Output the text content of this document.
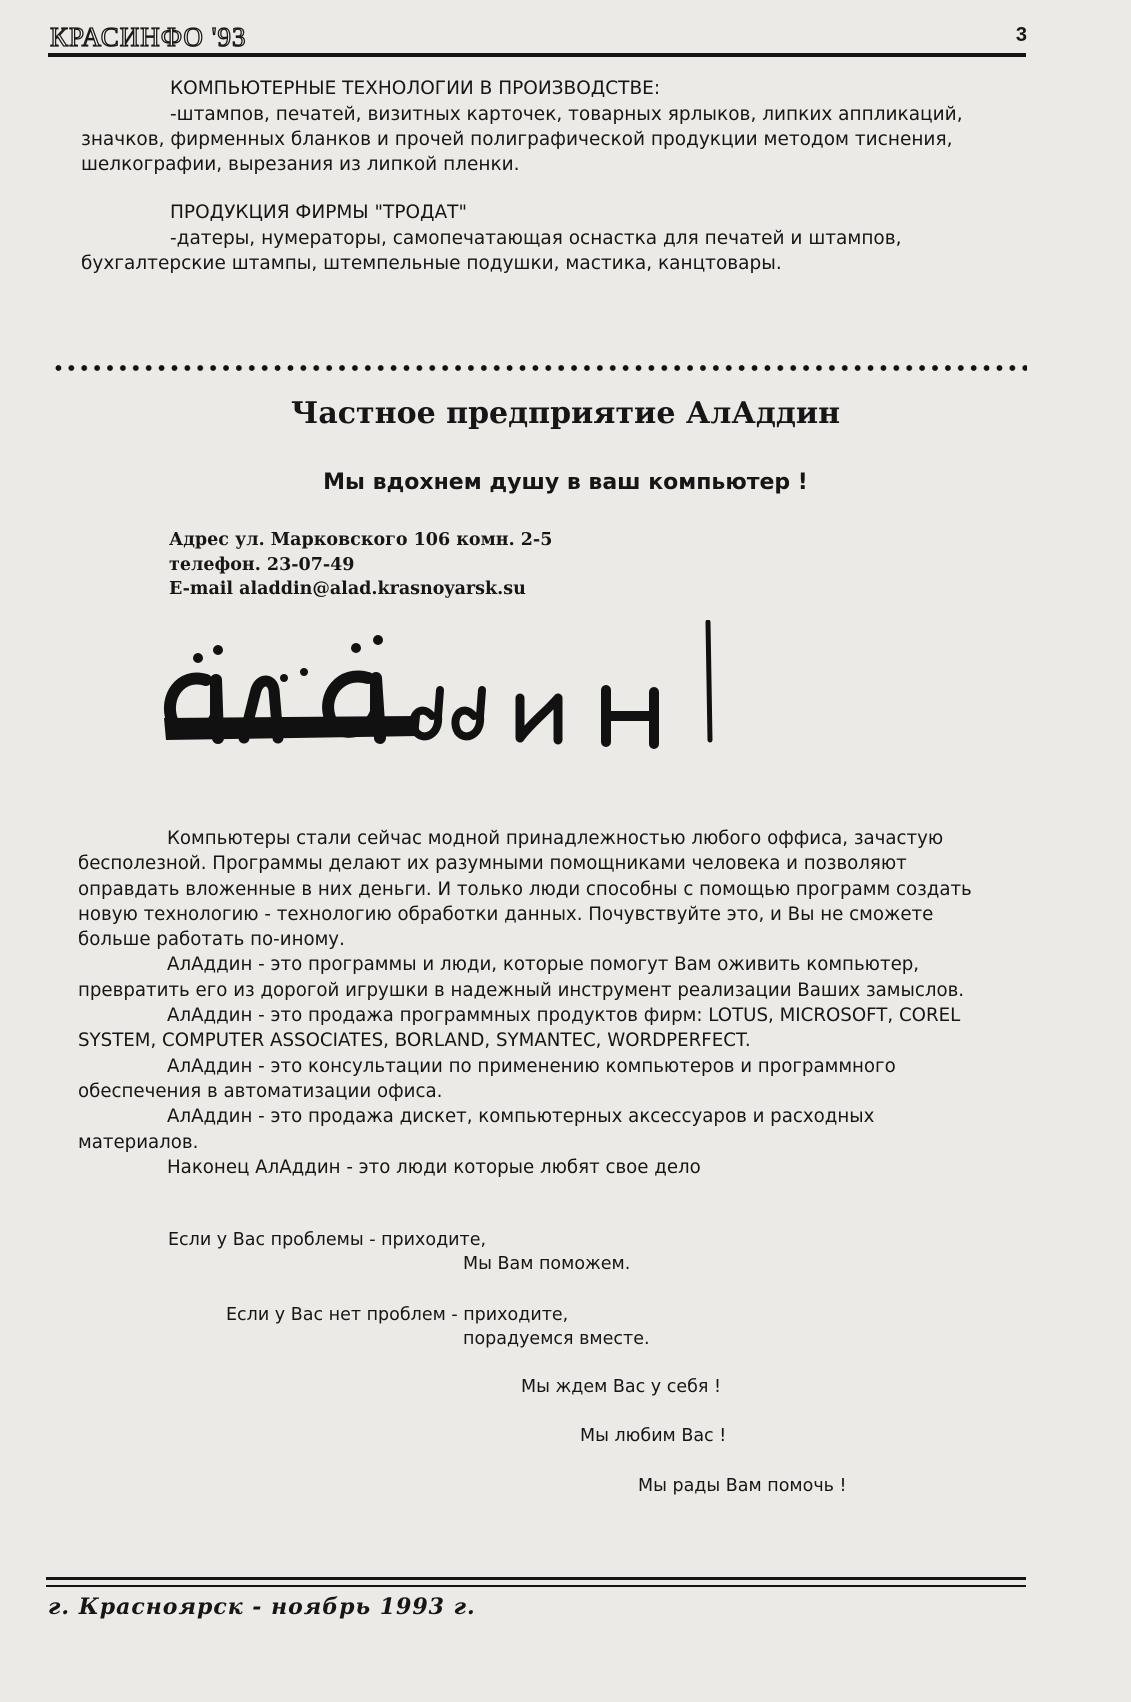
КРАСИНФО '93	3

КОМПЬЮТЕРНЫЕ ТЕХНОЛОГИИ В ПРОИЗВОДСТВЕ:

-штампов, печатей, визитных карточек, товарных ярлыков, липких аппликаций,

значков, фирменных бланков и прочей полиграфической продукции методом тиснения,

шелкографии, вырезания из липкой пленки.

ПРОДУКЦИЯ ФИРМЫ "ТРОДАТ"

-датеры, нумераторы, самопечатающая оснастка для печатей и штампов,

бухгалтерские штампы, штемпельные подушки, мастика, канцтовары.

Частное предприятие АлАддин
Мы вдохнем душу в ваш компьютер !
Адрес ул. Марковского 106 комн. 2-5
телефон. 23-07-49
E-mail aladdin@alad.krasnoyarsk.su

Компьютеры стали сейчас модной принадлежностью любого оффиса, зачастую бесполезной. Программы делают их разумными помощниками человека и позволяют оправдать вложенные в них деньги. И только люди способны с помощью программ создать новую технологию - технологию обработки данных. Почувствуйте это, и Вы не сможете больше работать по-иному.

АлАддин - это программы и люди, которые помогут Вам оживить компьютер, превратить его из дорогой игрушки в надежный инструмент реализации Ваших замыслов.

АлАддин - это продажа программных продуктов фирм: LOTUS, MICROSOFT, COREL SYSTEM, COMPUTER ASSOCIATES, BORLAND, SYMANTEC, WORDPERFECT.

АлАддин - это консультации по применению компьютеров и программного обеспечения в автоматизации офиса.

АлАддин - это продажа дискет, компьютерных аксессуаров и расходных материалов.

Наконец АлАддин - это люди которые любят свое дело

Если у Вас проблемы - приходите,
Мы Вам поможем.
Если у Вас нет проблем - приходите,
порадуемся вместе.
Мы ждем Вас у себя !
Мы любим Вас !
Мы рады Вам помочь !
г. Красноярск - ноябрь 1993 г.
